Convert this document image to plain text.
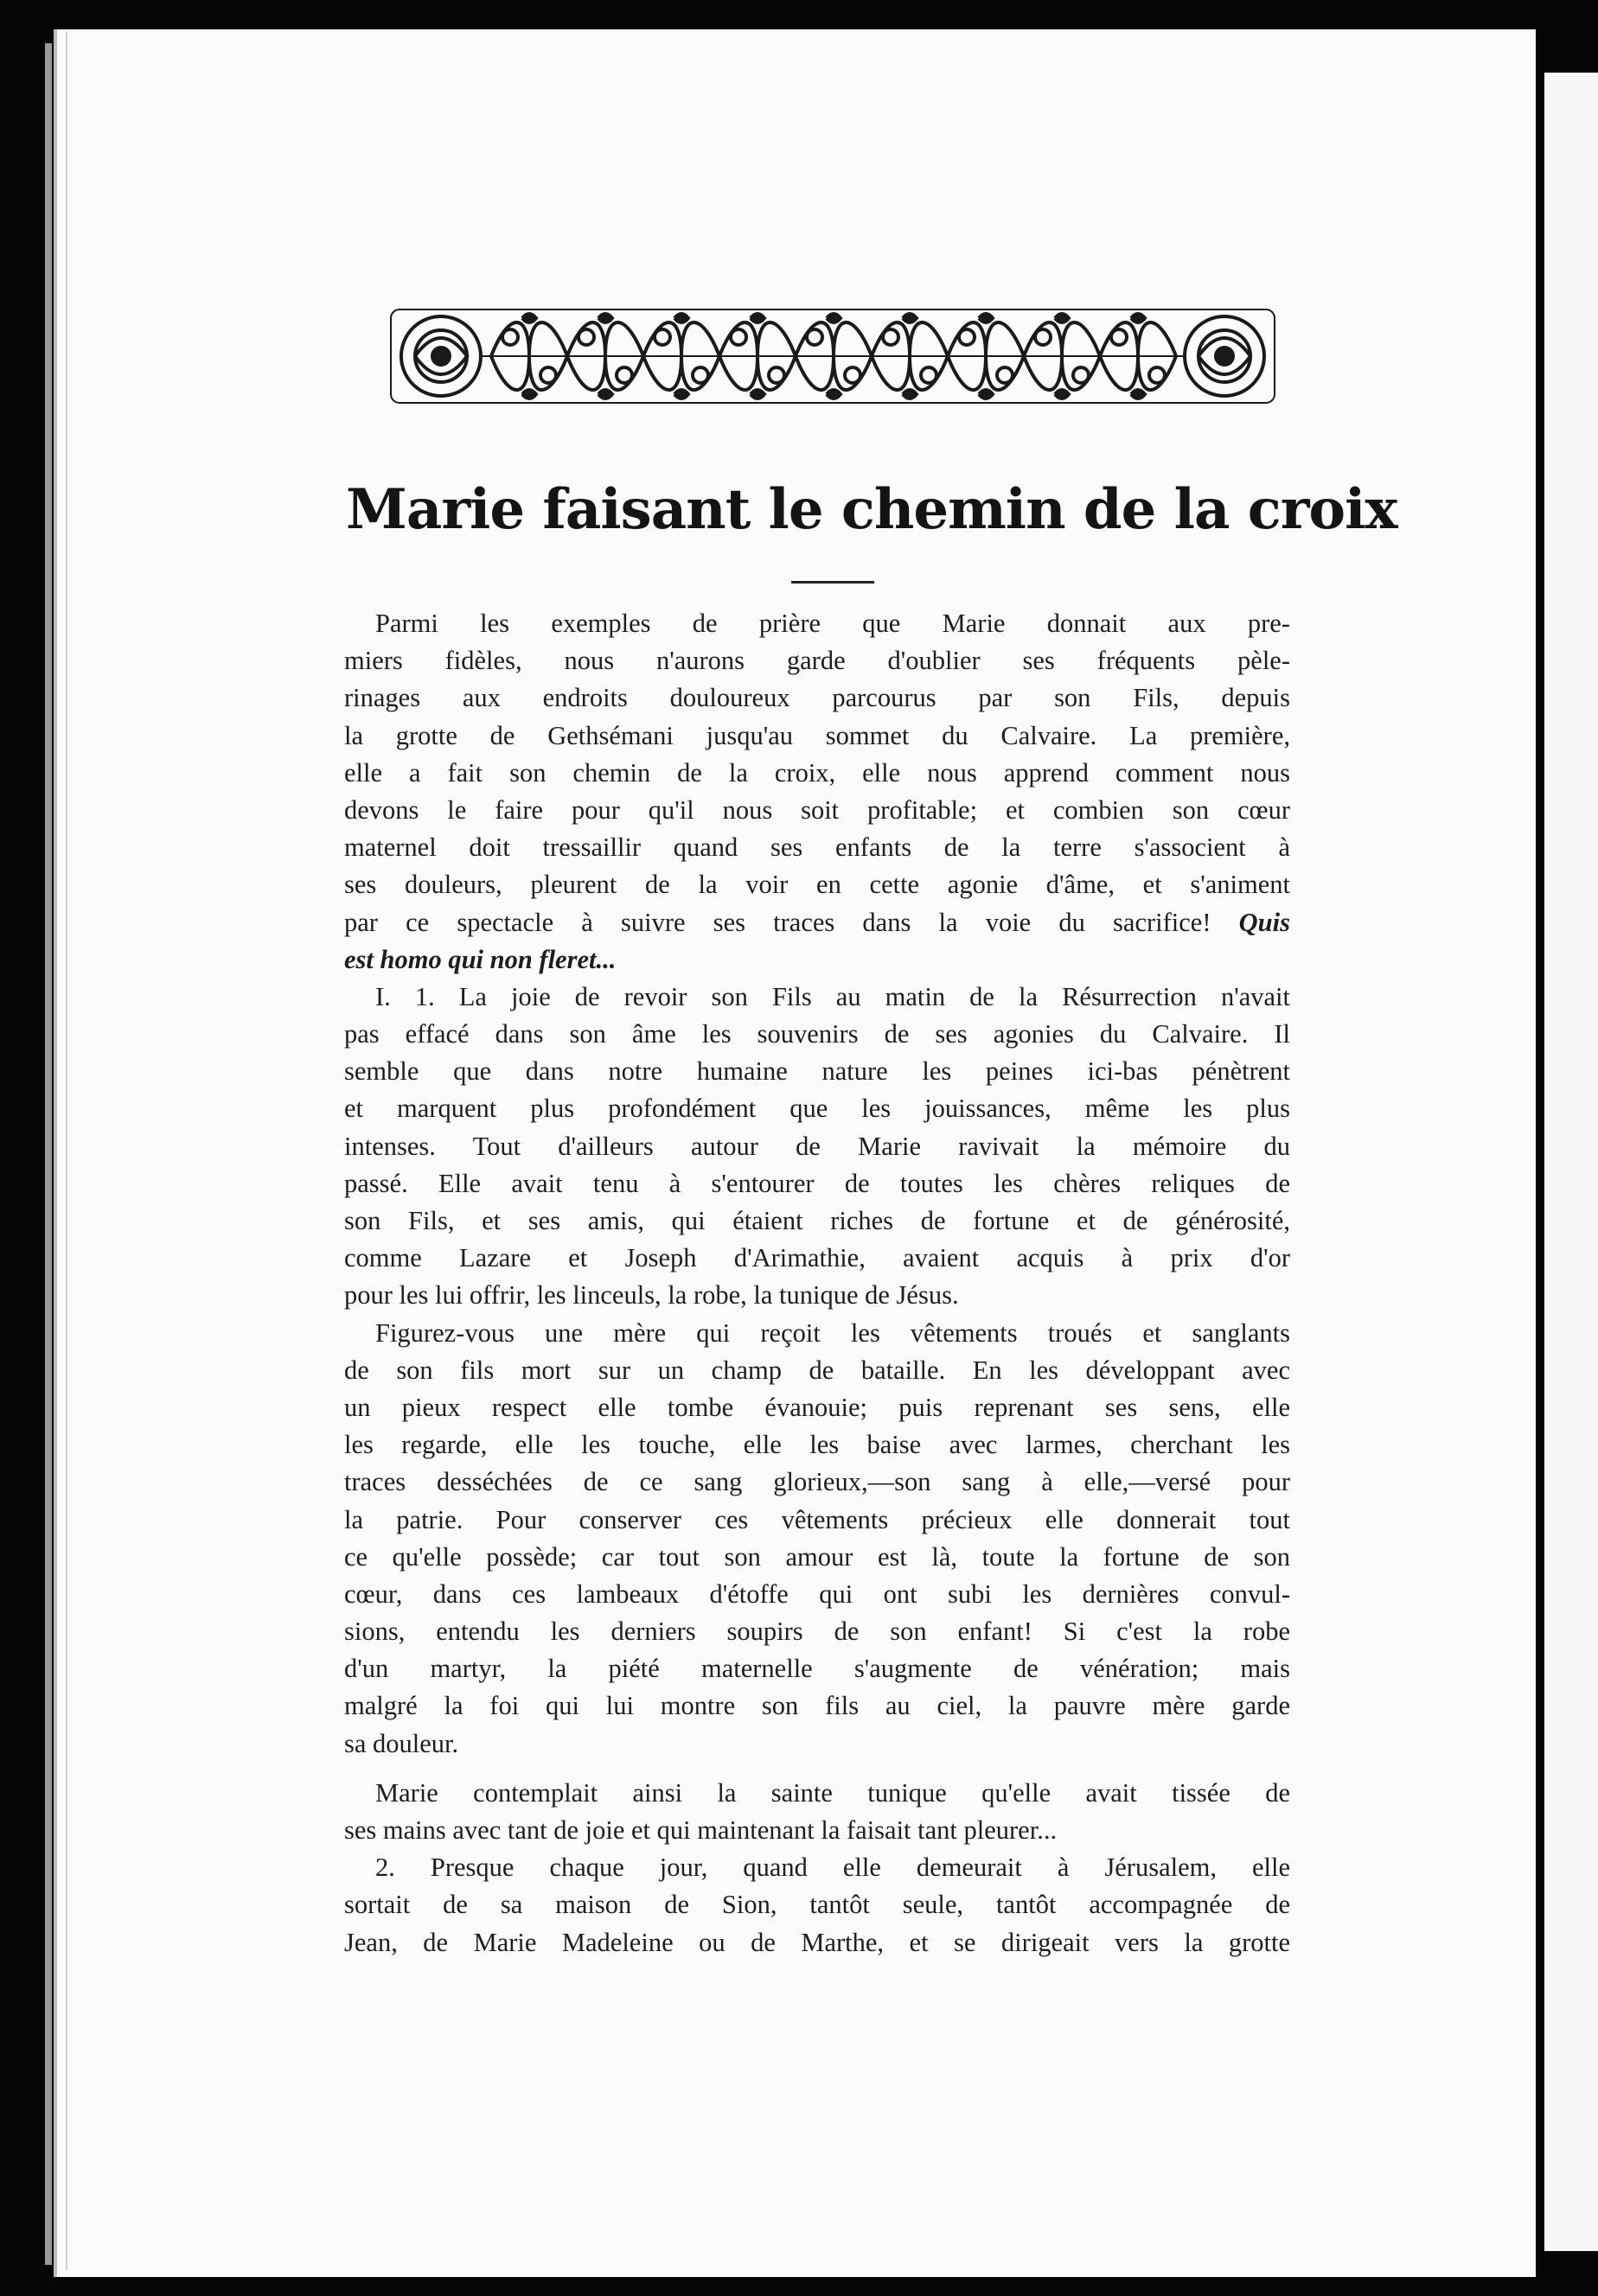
Marie faisant le chemin de la croix
Parmi les exemples de prière que Marie donnait aux pre-
miers fidèles, nous n'aurons garde d'oublier ses fréquents pèle-
rinages aux endroits douloureux parcourus par son Fils, depuis
la grotte de Gethsémani jusqu'au sommet du Calvaire. La première,
elle a fait son chemin de la croix, elle nous apprend comment nous
devons le faire pour qu'il nous soit profitable; et combien son cœur
maternel doit tressaillir quand ses enfants de la terre s'associent à
ses douleurs, pleurent de la voir en cette agonie d'âme, et s'animent
par ce spectacle à suivre ses traces dans la voie du sacrifice! Quis
est homo qui non fleret...
I. 1. La joie de revoir son Fils au matin de la Résurrection n'avait
pas effacé dans son âme les souvenirs de ses agonies du Calvaire. Il
semble que dans notre humaine nature les peines ici-bas pénètrent
et marquent plus profondément que les jouissances, même les plus
intenses. Tout d'ailleurs autour de Marie ravivait la mémoire du
passé. Elle avait tenu à s'entourer de toutes les chères reliques de
son Fils, et ses amis, qui étaient riches de fortune et de générosité,
comme Lazare et Joseph d'Arimathie, avaient acquis à prix d'or
pour les lui offrir, les linceuls, la robe, la tunique de Jésus.
Figurez-vous une mère qui reçoit les vêtements troués et sanglants
de son fils mort sur un champ de bataille. En les développant avec
un pieux respect elle tombe évanouie; puis reprenant ses sens, elle
les regarde, elle les touche, elle les baise avec larmes, cherchant les
traces desséchées de ce sang glorieux,—son sang à elle,—versé pour
la patrie. Pour conserver ces vêtements précieux elle donnerait tout
ce qu'elle possède; car tout son amour est là, toute la fortune de son
cœur, dans ces lambeaux d'étoffe qui ont subi les dernières convul-
sions, entendu les derniers soupirs de son enfant! Si c'est la robe
d'un martyr, la piété maternelle s'augmente de vénération; mais
malgré la foi qui lui montre son fils au ciel, la pauvre mère garde
sa douleur.
Marie contemplait ainsi la sainte tunique qu'elle avait tissée de
ses mains avec tant de joie et qui maintenant la faisait tant pleurer...
2. Presque chaque jour, quand elle demeurait à Jérusalem, elle
sortait de sa maison de Sion, tantôt seule, tantôt accompagnée de
Jean, de Marie Madeleine ou de Marthe, et se dirigeait vers la grotte
